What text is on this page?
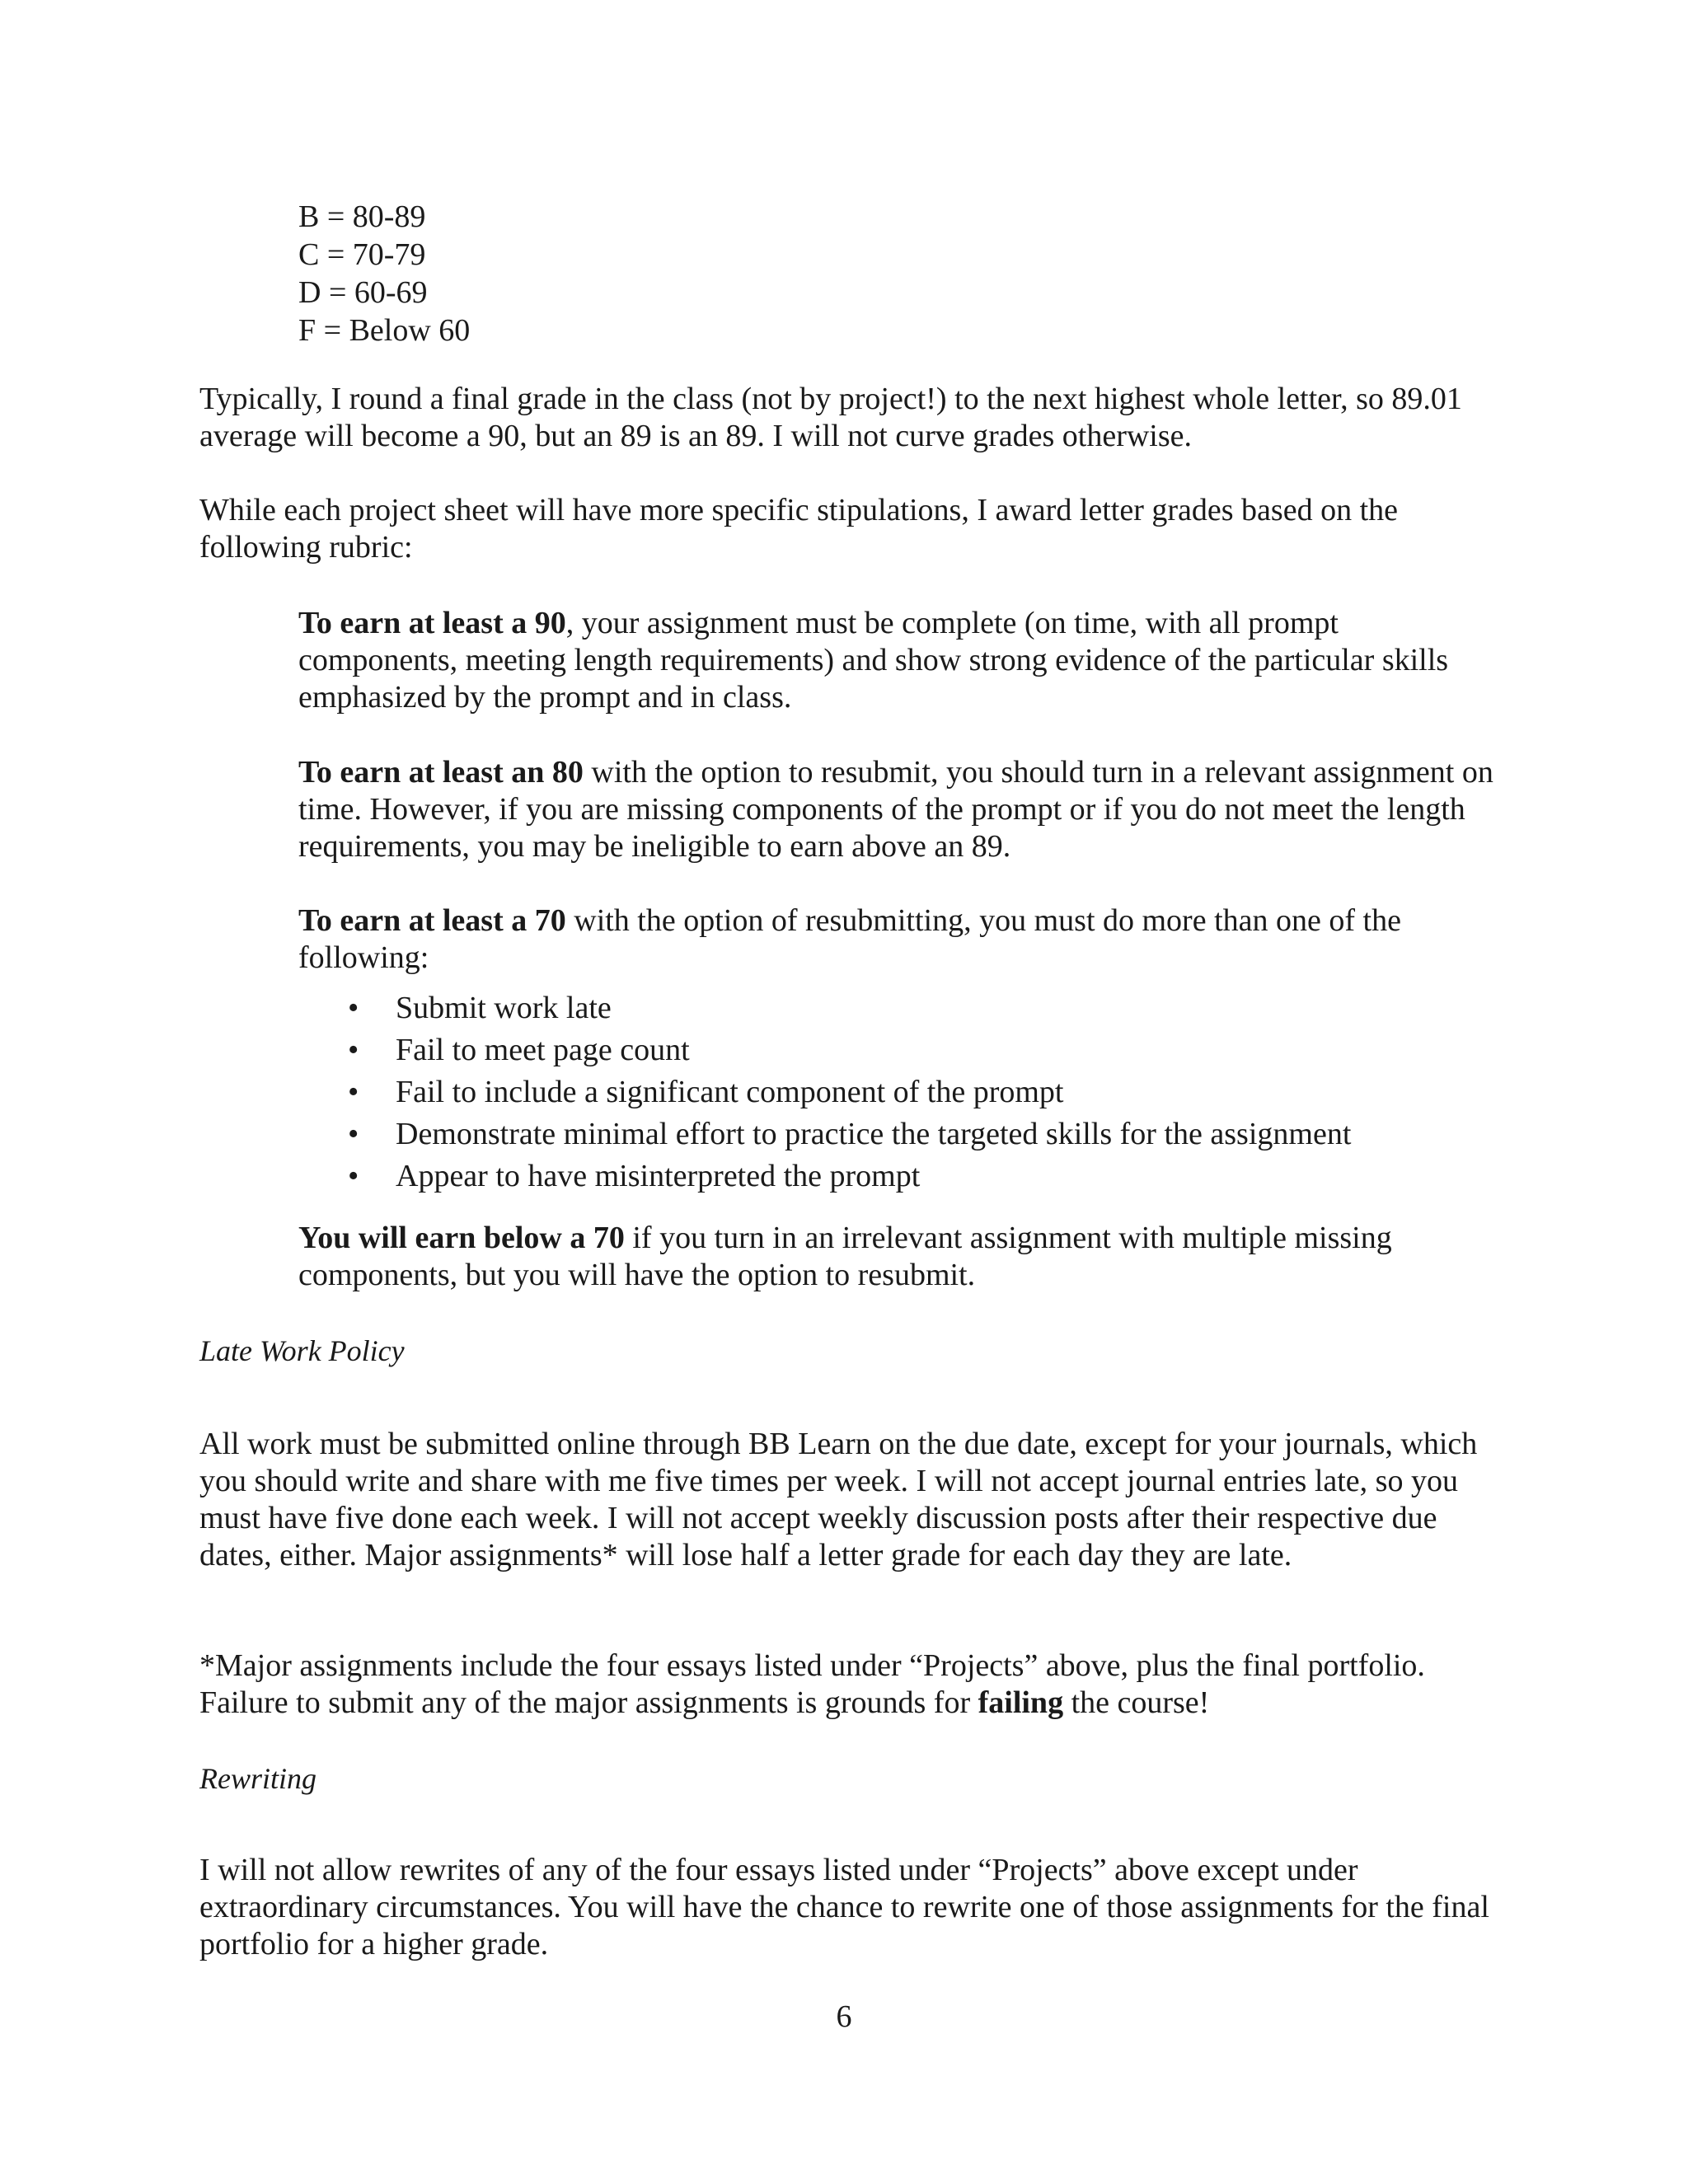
B = 80-89
C = 70-79
D = 60-69
F = Below 60

Typically, I round a final grade in the class (not by project!) to the next highest whole letter, so 89.01 average will become a 90, but an 89 is an 89. I will not curve grades otherwise.

While each project sheet will have more specific stipulations, I award letter grades based on the following rubric:

To earn at least a 90, your assignment must be complete (on time, with all prompt components, meeting length requirements) and show strong evidence of the particular skills emphasized by the prompt and in class.

To earn at least an 80 with the option to resubmit, you should turn in a relevant assignment on time. However, if you are missing components of the prompt or if you do not meet the length requirements, you may be ineligible to earn above an 89.

To earn at least a 70 with the option of resubmitting, you must do more than one of the following:

• Submit work late
• Fail to meet page count
• Fail to include a significant component of the prompt
• Demonstrate minimal effort to practice the targeted skills for the assignment
• Appear to have misinterpreted the prompt

You will earn below a 70 if you turn in an irrelevant assignment with multiple missing components, but you will have the option to resubmit.

Late Work Policy

All work must be submitted online through BB Learn on the due date, except for your journals, which you should write and share with me five times per week. I will not accept journal entries late, so you must have five done each week. I will not accept weekly discussion posts after their respective due dates, either. Major assignments* will lose half a letter grade for each day they are late.

*Major assignments include the four essays listed under “Projects” above, plus the final portfolio. Failure to submit any of the major assignments is grounds for failing the course!

Rewriting

I will not allow rewrites of any of the four essays listed under “Projects” above except under extraordinary circumstances. You will have the chance to rewrite one of those assignments for the final portfolio for a higher grade.

6
